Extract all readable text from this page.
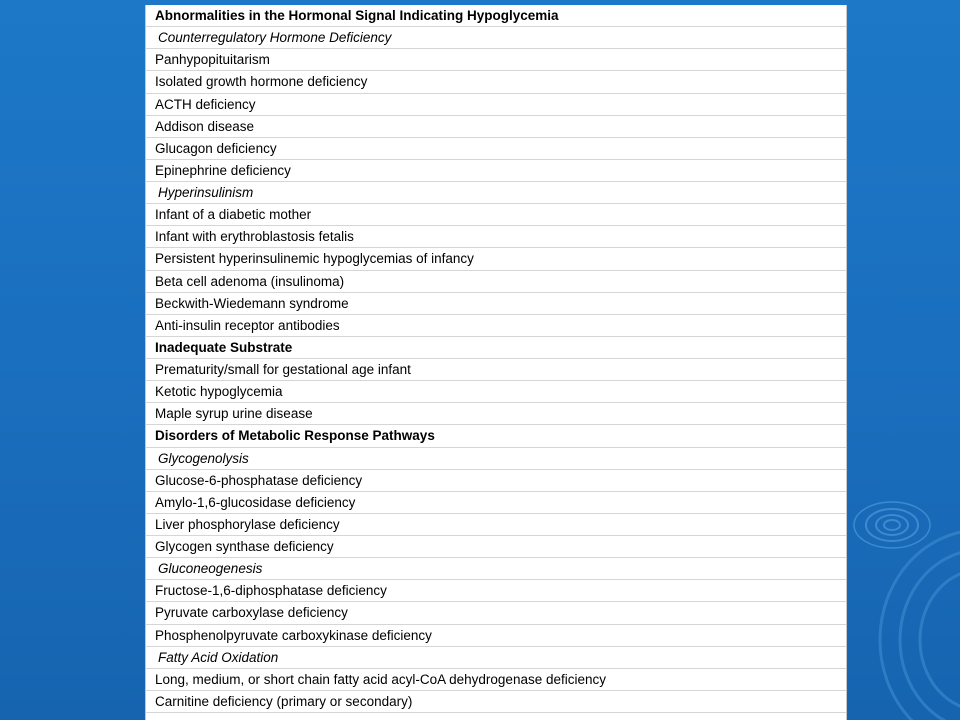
Abnormalities in the Hormonal Signal Indicating Hypoglycemia
Counterregulatory Hormone Deficiency
Panhypopituitarism
Isolated growth hormone deficiency
ACTH deficiency
Addison disease
Glucagon deficiency
Epinephrine deficiency
Hyperinsulinism
Infant of a diabetic mother
Infant with erythroblastosis fetalis
Persistent hyperinsulinemic hypoglycemias of infancy
Beta cell adenoma (insulinoma)
Beckwith-Wiedemann syndrome
Anti-insulin receptor antibodies
Inadequate Substrate
Prematurity/small for gestational age infant
Ketotic hypoglycemia
Maple syrup urine disease
Disorders of Metabolic Response Pathways
Glycogenolysis
Glucose-6-phosphatase deficiency
Amylo-1,6-glucosidase deficiency
Liver phosphorylase deficiency
Glycogen synthase deficiency
Gluconeogenesis
Fructose-1,6-diphosphatase deficiency
Pyruvate carboxylase deficiency
Phosphenolpyruvate carboxykinase deficiency
Fatty Acid Oxidation
Long, medium, or short chain fatty acid acyl-CoA dehydrogenase deficiency
Carnitine deficiency (primary or secondary)
